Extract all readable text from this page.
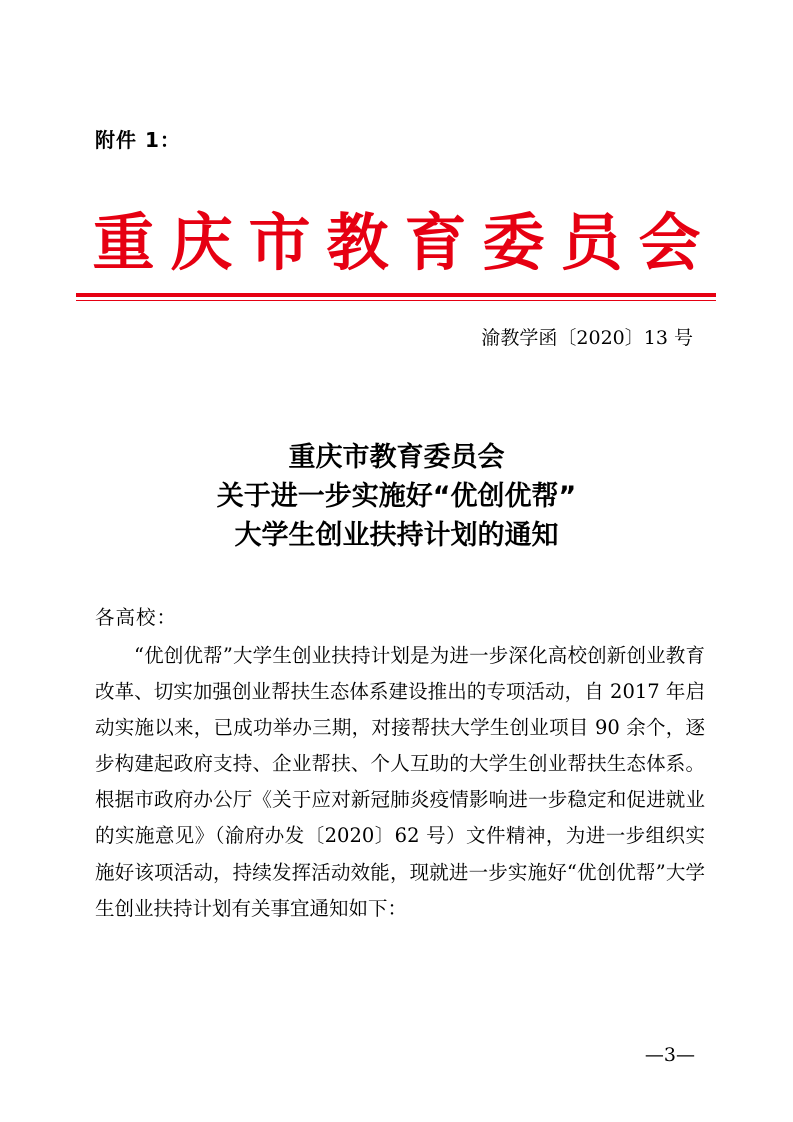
附件 1：
重庆市教育委员会
渝教学函〔2020〕13 号
重庆市教育委员会
关于进一步实施好“优创优帮”
大学生创业扶持计划的通知
各高校：

“优创优帮”大学生创业扶持计划是为进一步深化高校创新创业教育改革、切实加强创业帮扶生态体系建设推出的专项活动，自 2017 年启动实施以来，已成功举办三期，对接帮扶大学生创业项目 90 余个，逐步构建起政府支持、企业帮扶、个人互助的大学生创业帮扶生态体系。根据市政府办公厅《关于应对新冠肺炎疫情影响进一步稳定和促进就业的实施意见》（渝府办发〔2020〕62 号）文件精神，为进一步组织实施好该项活动，持续发挥活动效能，现就进一步实施好“优创优帮”大学生创业扶持计划有关事宜通知如下：

—3—
